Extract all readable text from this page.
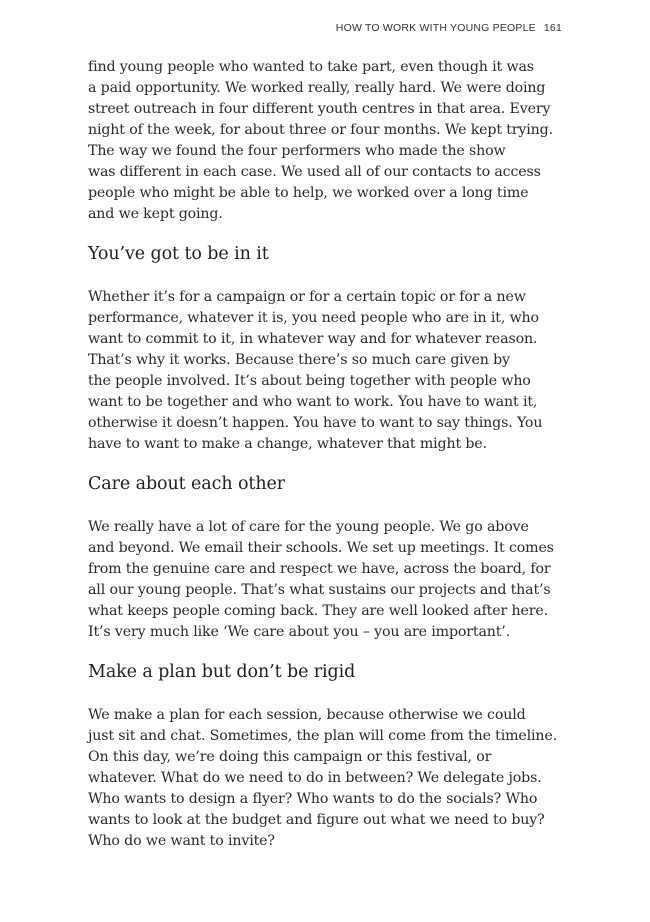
HOW TO WORK WITH YOUNG PEOPLE 161

find young people who wanted to take part, even though it was
a paid opportunity. We worked really, really hard. We were doing
street outreach in four different youth centres in that area. Every
night of the week, for about three or four months. We kept trying.
The way we found the four performers who made the show
was different in each case. We used all of our contacts to access
people who might be able to help, we worked over a long time
and we kept going.

You’ve got to be in it

Whether it’s for a campaign or for a certain topic or for a new
performance, whatever it is, you need people who are in it, who
want to commit to it, in whatever way and for whatever reason.
That’s why it works. Because there’s so much care given by
the people involved. It’s about being together with people who
want to be together and who want to work. You have to want it,
otherwise it doesn’t happen. You have to want to say things. You
have to want to make a change, whatever that might be.

Care about each other

We really have a lot of care for the young people. We go above
and beyond. We email their schools. We set up meetings. It comes
from the genuine care and respect we have, across the board, for
all our young people. That’s what sustains our projects and that’s
what keeps people coming back. They are well looked after here.
It’s very much like ‘We care about you – you are important’.

Make a plan but don’t be rigid

We make a plan for each session, because otherwise we could
just sit and chat. Sometimes, the plan will come from the timeline.
On this day, we’re doing this campaign or this festival, or
whatever. What do we need to do in between? We delegate jobs.
Who wants to design a flyer? Who wants to do the socials? Who
wants to look at the budget and figure out what we need to buy?
Who do we want to invite?
